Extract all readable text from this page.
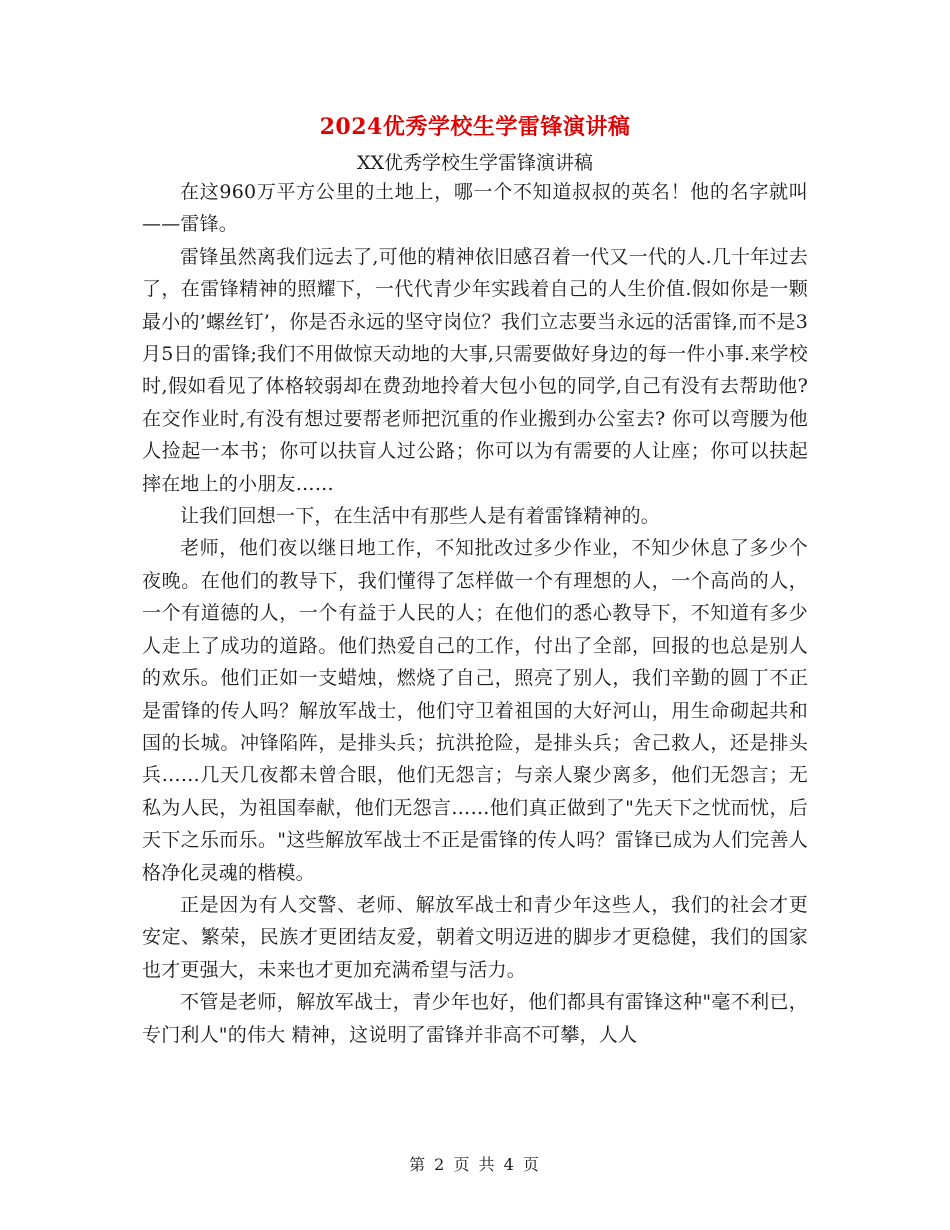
2024优秀学校生学雷锋演讲稿
XX优秀学校生学雷锋演讲稿

在这960万平方公里的土地上，哪一个不知道叔叔的英名！他的名字就叫——雷锋。

雷锋虽然离我们远去了,可他的精神依旧感召着一代又一代的人.几十年过去了，在雷锋精神的照耀下，一代代青少年实践着自己的人生价值.假如你是一颗最小的’螺丝钉’，你是否永远的坚守岗位？我们立志要当永远的活雷锋,而不是3月5日的雷锋;我们不用做惊天动地的大事,只需要做好身边的每一件小事.来学校时,假如看见了体格较弱却在费劲地拎着大包小包的同学,自己有没有去帮助他?在交作业时,有没有想过要帮老师把沉重的作业搬到办公室去? 你可以弯腰为他人捡起一本书；你可以扶盲人过公路；你可以为有需要的人让座；你可以扶起摔在地上的小朋友……

让我们回想一下，在生活中有那些人是有着雷锋精神的。

老师，他们夜以继日地工作，不知批改过多少作业，不知少休息了多少个夜晚。在他们的教导下，我们懂得了怎样做一个有理想的人，一个高尚的人，一个有道德的人，一个有益于人民的人；在他们的悉心教导下，不知道有多少人走上了成功的道路。他们热爱自己的工作，付出了全部，回报的也总是别人的欢乐。他们正如一支蜡烛，燃烧了自己，照亮了别人，我们辛勤的圆丁不正是雷锋的传人吗？解放军战士，他们守卫着祖国的大好河山，用生命砌起共和国的长城。冲锋陷阵，是排头兵；抗洪抢险，是排头兵；舍己救人，还是排头兵……几天几夜都未曾合眼，他们无怨言；与亲人聚少离多，他们无怨言；无私为人民，为祖国奉献，他们无怨言……他们真正做到了"先天下之忧而忧，后天下之乐而乐。"这些解放军战士不正是雷锋的传人吗？雷锋已成为人们完善人格净化灵魂的楷模。

正是因为有人交警、老师、解放军战士和青少年这些人，我们的社会才更安定、繁荣，民族才更团结友爱，朝着文明迈进的脚步才更稳健，我们的国家也才更强大，未来也才更加充满希望与活力。

不管是老师，解放军战士，青少年也好，他们都具有雷锋这种"毫不利已，专门利人"的伟大 精神，这说明了雷锋并非高不可攀，人人

第 2 页 共 4 页
